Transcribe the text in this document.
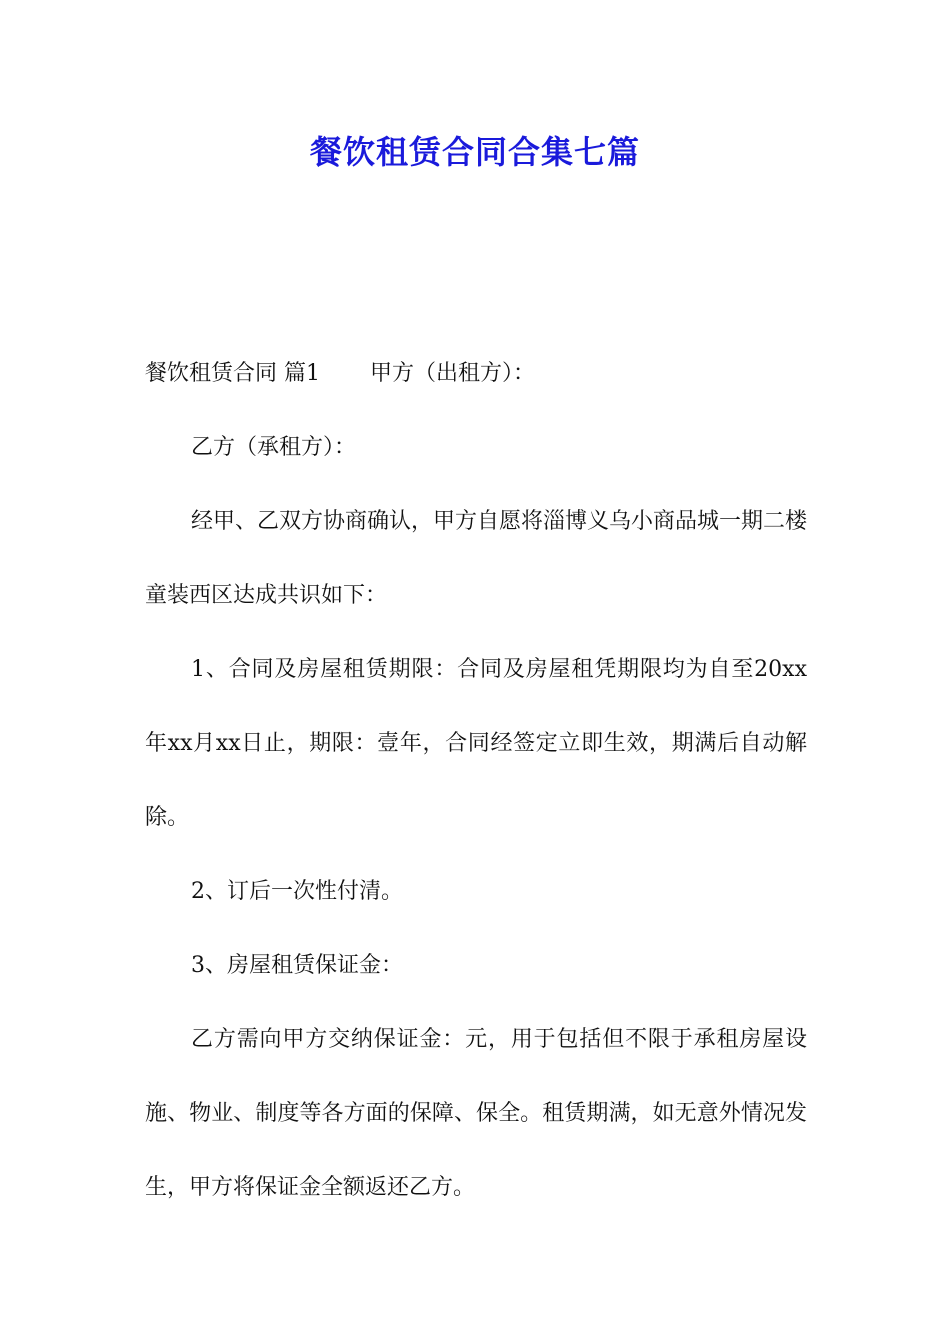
餐饮租赁合同合集七篇

餐饮租赁合同 篇1 甲方（出租方）：

乙方（承租方）：

经甲、乙双方协商确认，甲方自愿将淄博义乌小商品城一期二楼童装西区达成共识如下：

1、合同及房屋租赁期限：合同及房屋租凭期限均为自至20xx年xx月xx日止，期限：壹年，合同经签定立即生效，期满后自动解除。

2、订后一次性付清。

3、房屋租赁保证金：

乙方需向甲方交纳保证金：元，用于包括但不限于承租房屋设施、物业、制度等各方面的保障、保全。租赁期满，如无意外情况发生，甲方将保证金全额返还乙方。
